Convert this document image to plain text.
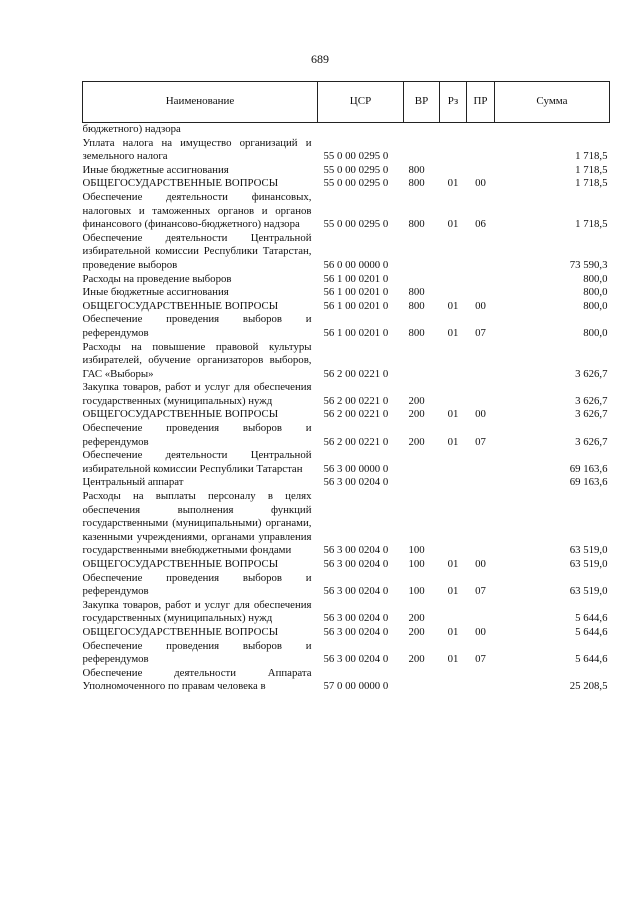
689
Наименование	ЦСР	ВР	Рз	ПР	Сумма
бюджетного) надзора					
Уплата налога на имущество организаций и земельного налога	55 0 00 0295 0				1 718,5
Иные бюджетные ассигнования	55 0 00 0295 0	800			1 718,5
ОБЩЕГОСУДАРСТВЕННЫЕ ВОПРОСЫ	55 0 00 0295 0	800	01	00	1 718,5
Обеспечение деятельности финансовых, налоговых и таможенных органов и органов финансового (финансово-бюджетного) надзора	55 0 00 0295 0	800	01	06	1 718,5
Обеспечение деятельности Центральной избирательной комиссии Республики Татарстан, проведение выборов	56 0 00 0000 0				73 590,3
Расходы на проведение выборов	56 1 00 0201 0				800,0
Иные бюджетные ассигнования	56 1 00 0201 0	800			800,0
ОБЩЕГОСУДАРСТВЕННЫЕ ВОПРОСЫ	56 1 00 0201 0	800	01	00	800,0
Обеспечение проведения выборов и референдумов	56 1 00 0201 0	800	01	07	800,0
Расходы на повышение правовой культуры избирателей, обучение организаторов выборов, ГАС «Выборы»	56 2 00 0221 0				3 626,7
Закупка товаров, работ и услуг для обеспечения государственных (муниципальных) нужд	56 2 00 0221 0	200			3 626,7
ОБЩЕГОСУДАРСТВЕННЫЕ ВОПРОСЫ	56 2 00 0221 0	200	01	00	3 626,7
Обеспечение проведения выборов и референдумов	56 2 00 0221 0	200	01	07	3 626,7
Обеспечение деятельности Центральной избирательной комиссии Республики Татарстан	56 3 00 0000 0				69 163,6
Центральный аппарат	56 3 00 0204 0				69 163,6
Расходы на выплаты персоналу в целях обеспечения выполнения функций государственными (муниципальными) органами, казенными учреждениями, органами управления государственными внебюджетными фондами	56 3 00 0204 0	100			63 519,0
ОБЩЕГОСУДАРСТВЕННЫЕ ВОПРОСЫ	56 3 00 0204 0	100	01	00	63 519,0
Обеспечение проведения выборов и референдумов	56 3 00 0204 0	100	01	07	63 519,0
Закупка товаров, работ и услуг для обеспечения государственных (муниципальных) нужд	56 3 00 0204 0	200			5 644,6
ОБЩЕГОСУДАРСТВЕННЫЕ ВОПРОСЫ	56 3 00 0204 0	200	01	00	5 644,6
Обеспечение проведения выборов и референдумов	56 3 00 0204 0	200	01	07	5 644,6
Обеспечение деятельности Аппарата Уполномоченного по правам человека в	57 0 00 0000 0				25 208,5
